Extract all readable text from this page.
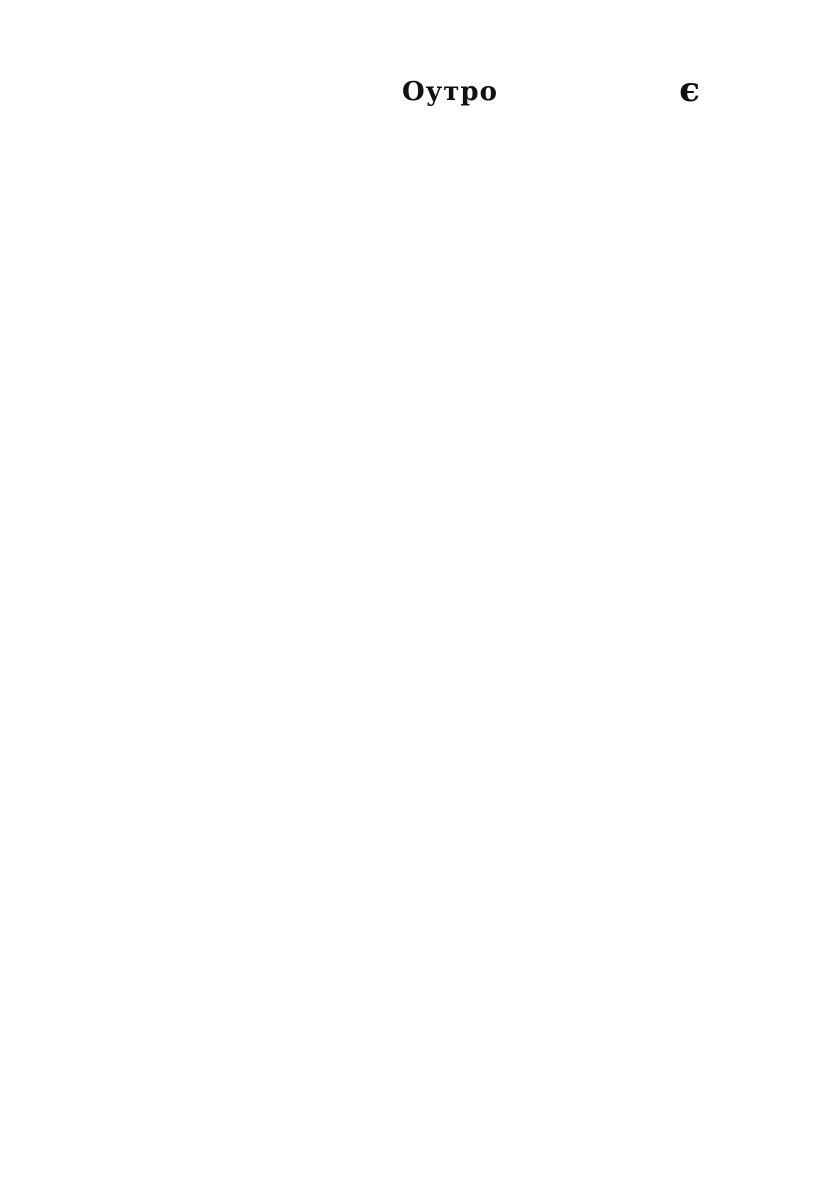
Оутро	є
